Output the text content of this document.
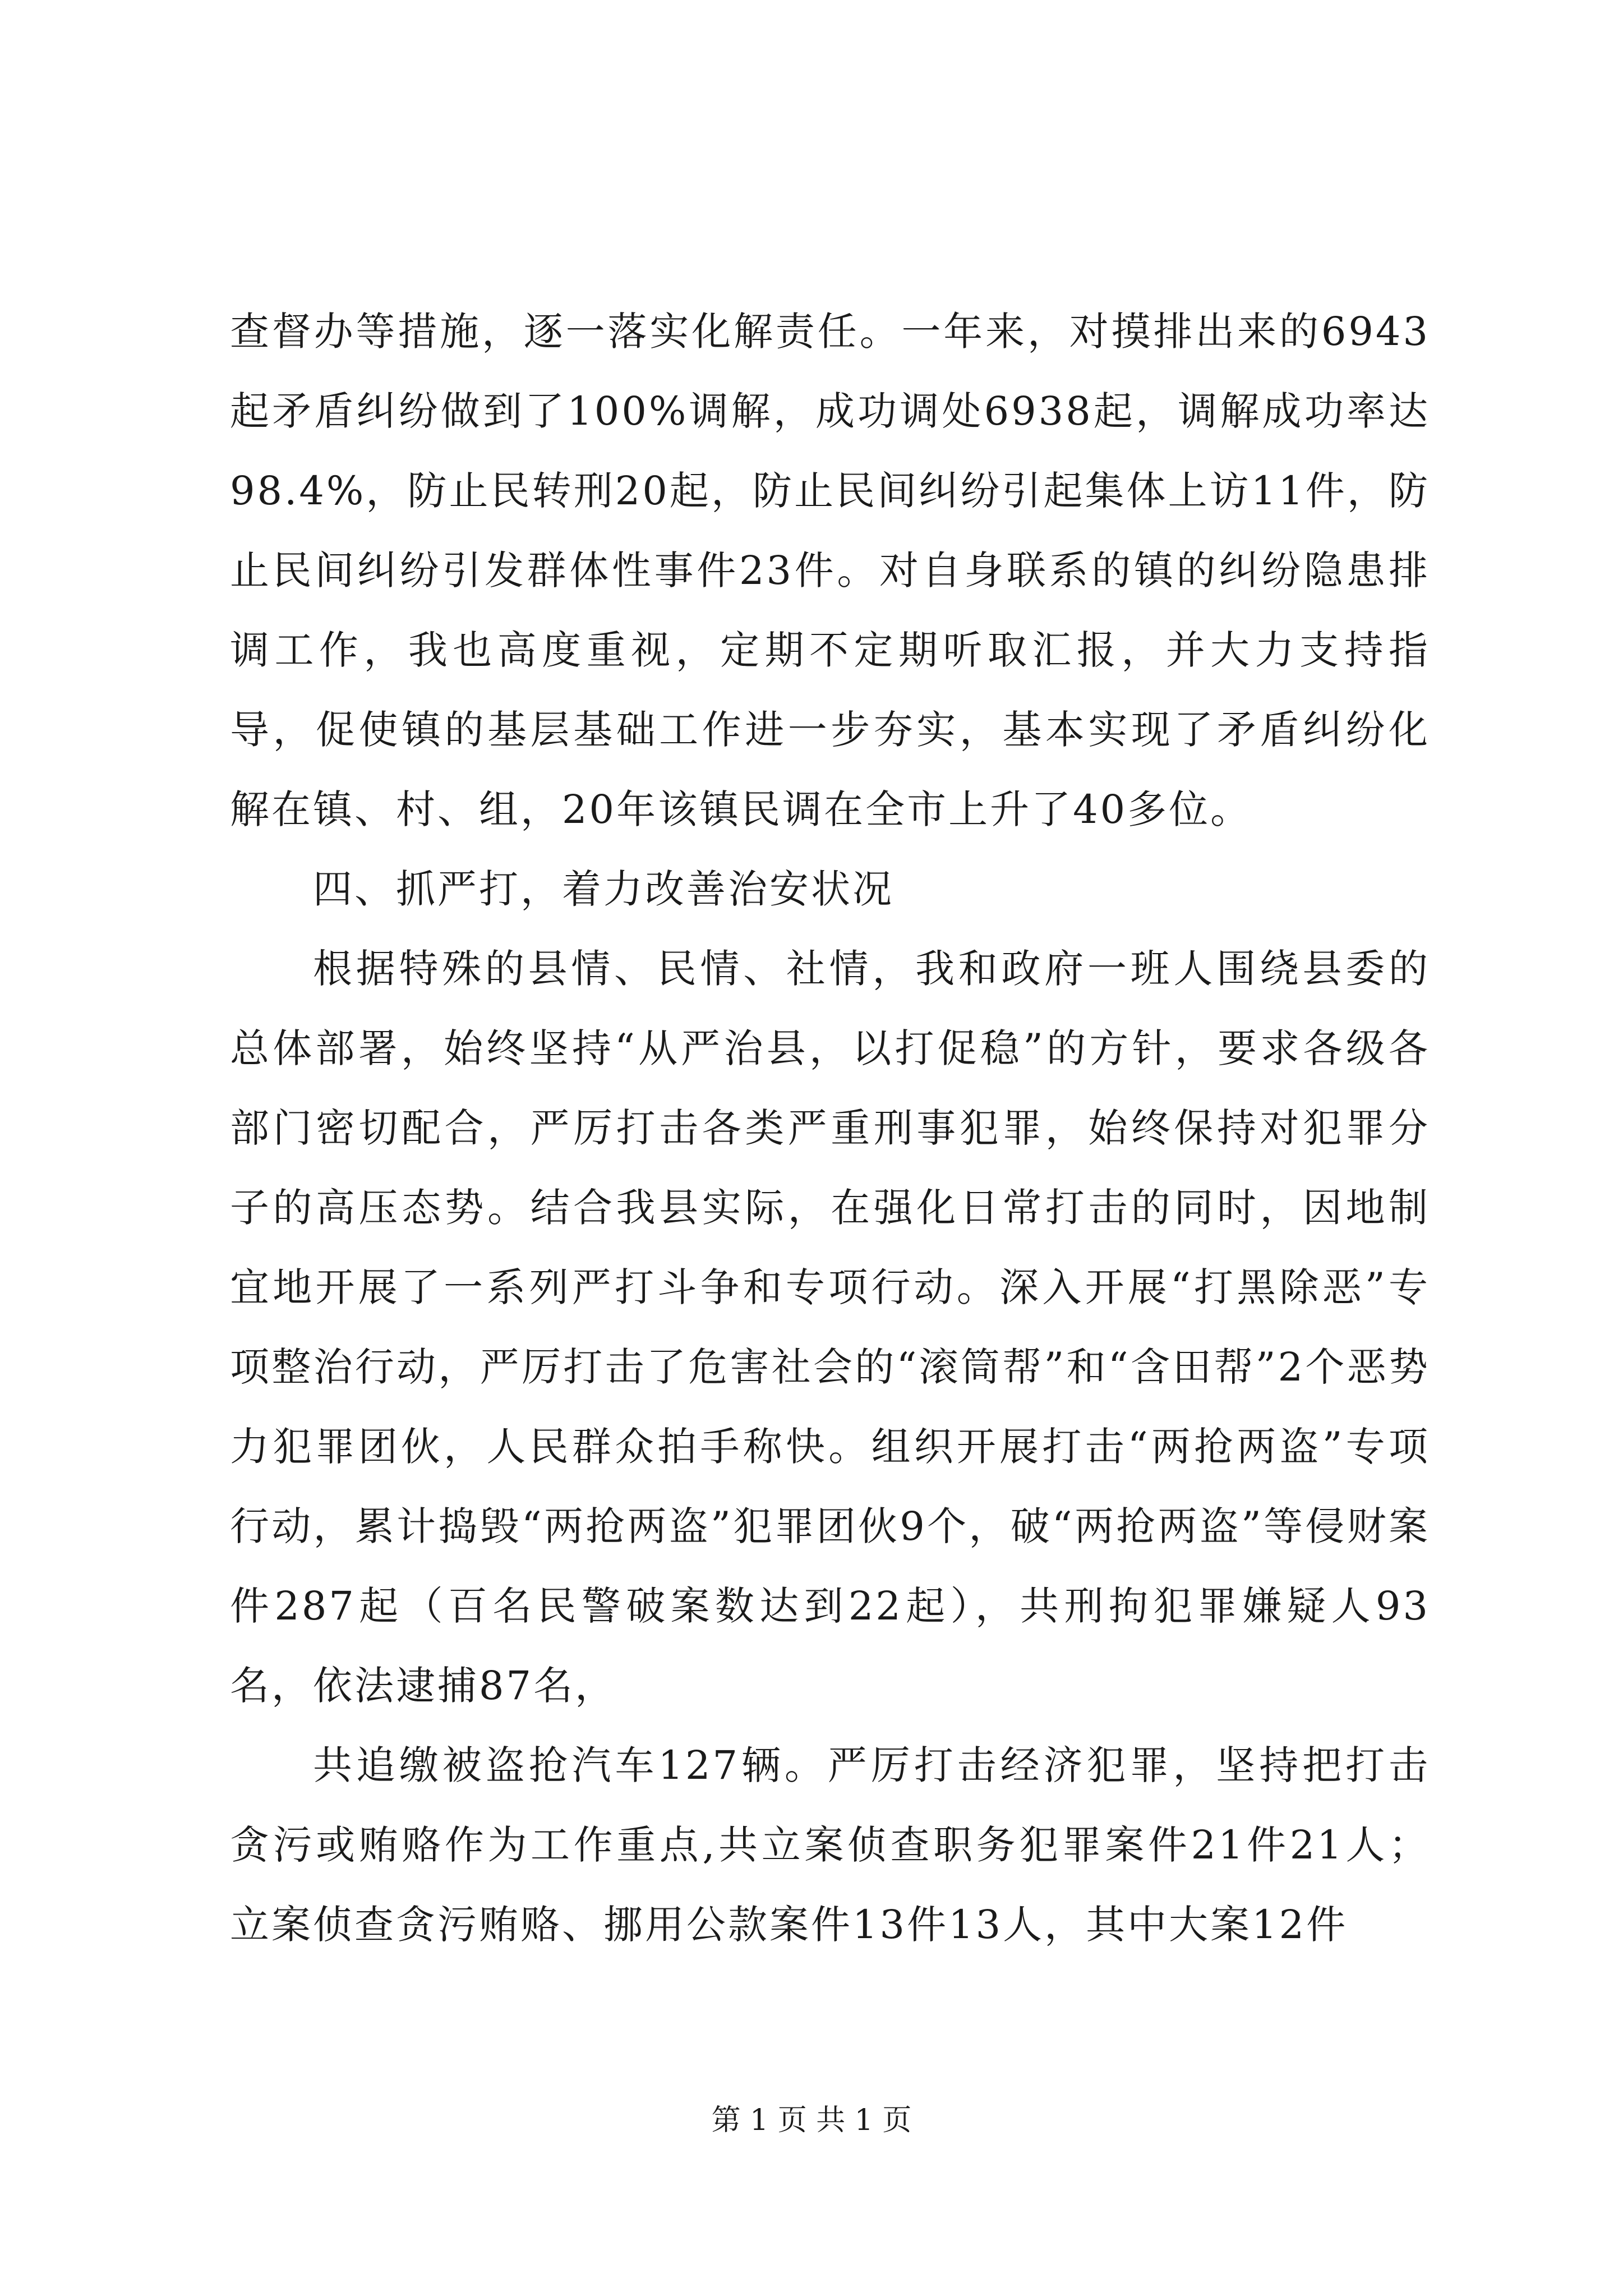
查督办等措施，逐一落实化解责任。一年来，对摸排出来的6943起矛盾纠纷做到了100%调解，成功调处6938起，调解成功率达98.4%，防止民转刑20起，防止民间纠纷引起集体上访11件，防止民间纠纷引发群体性事件23件。对自身联系的镇的纠纷隐患排调工作，我也高度重视，定期不定期听取汇报，并大力支持指导，促使镇的基层基础工作进一步夯实，基本实现了矛盾纠纷化解在镇、村、组，20年该镇民调在全市上升了40多位。

四、抓严打，着力改善治安状况

根据特殊的县情、民情、社情，我和政府一班人围绕县委的总体部署，始终坚持“从严治县，以打促稳”的方针，要求各级各部门密切配合，严厉打击各类严重刑事犯罪，始终保持对犯罪分子的高压态势。结合我县实际，在强化日常打击的同时，因地制宜地开展了一系列严打斗争和专项行动。深入开展“打黑除恶”专项整治行动，严厉打击了危害社会的“滚筒帮”和“含田帮”2个恶势力犯罪团伙，人民群众拍手称快。组织开展打击“两抢两盗”专项行动，累计捣毁“两抢两盗”犯罪团伙9个，破“两抢两盗”等侵财案件287起（百名民警破案数达到22起），共刑拘犯罪嫌疑人93名，依法逮捕87名，

共追缴被盗抢汽车127辆。严厉打击经济犯罪，坚持把打击贪污或贿赂作为工作重点,共立案侦查职务犯罪案件21件21人；立案侦查贪污贿赂、挪用公款案件13件13人，其中大案12件

第 1 页 共 1 页
